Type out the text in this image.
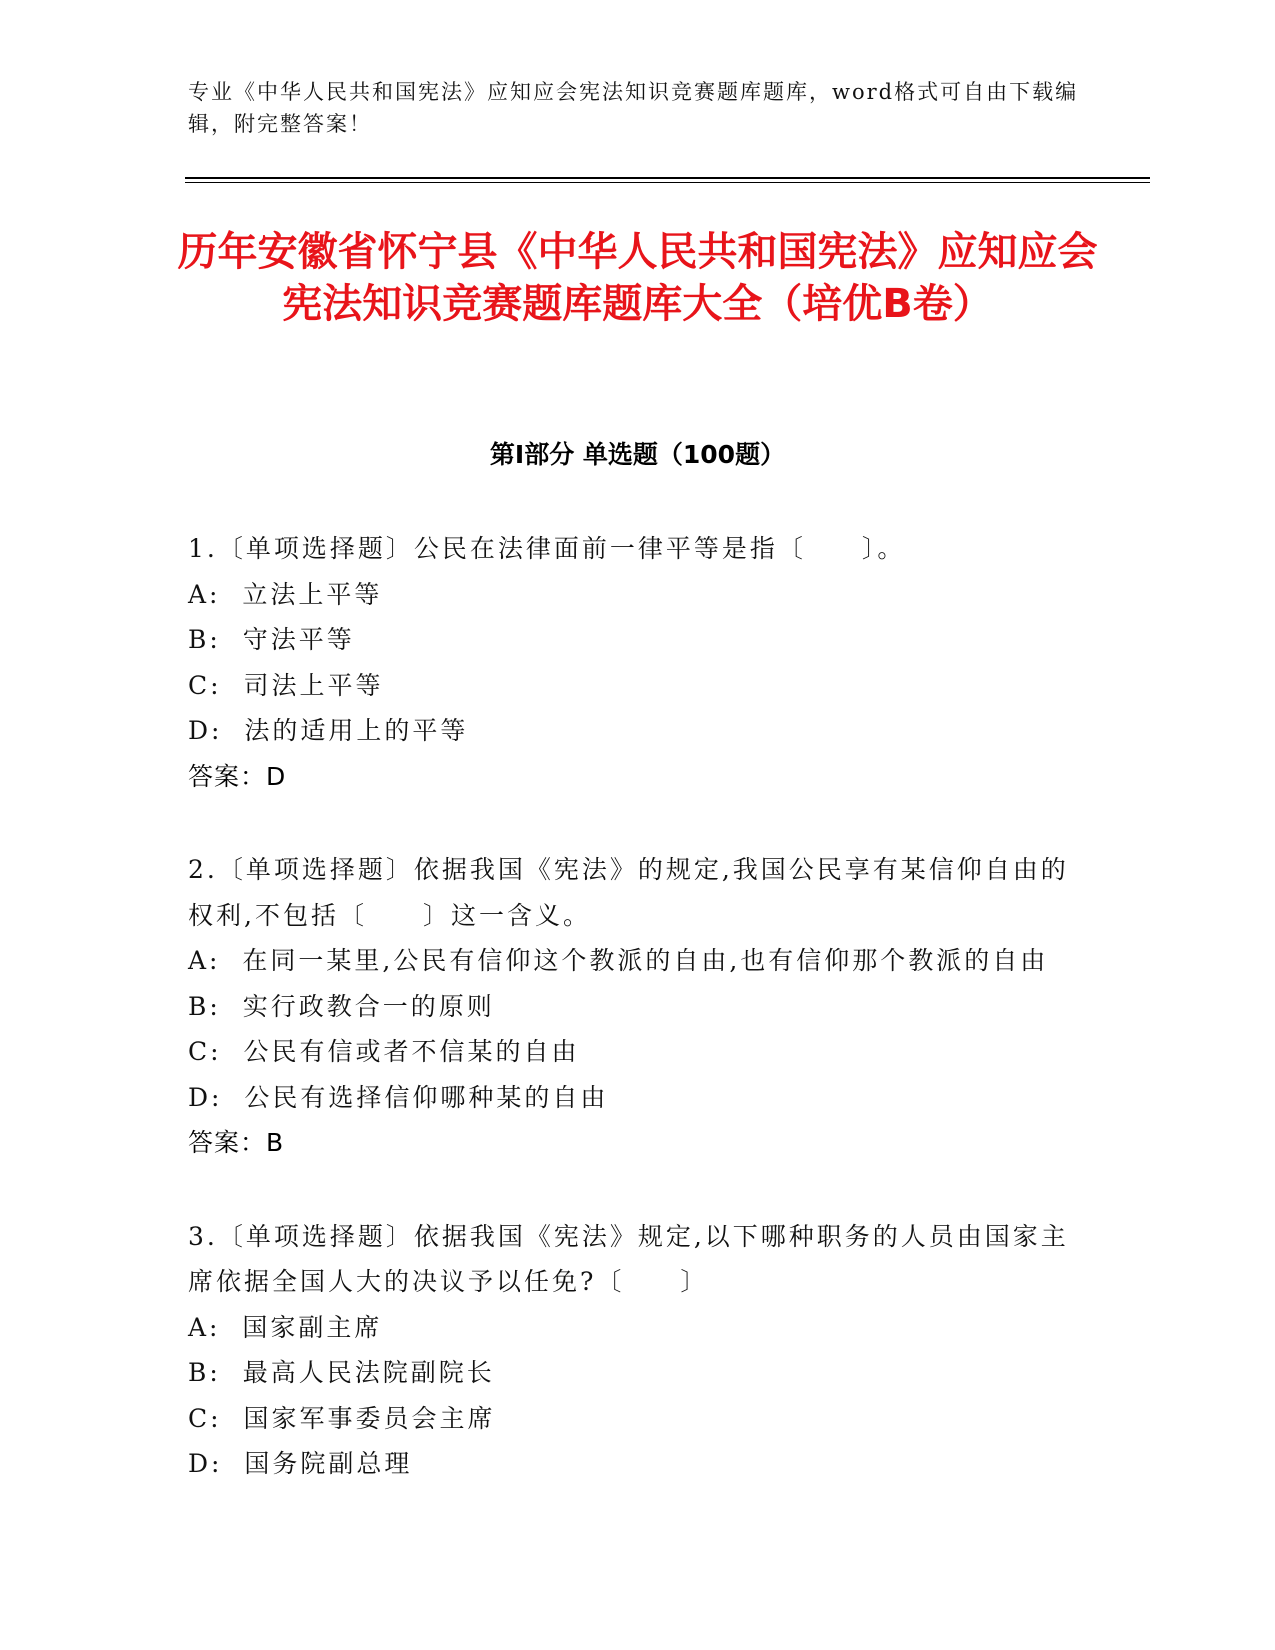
专业《中华人民共和国宪法》应知应会宪法知识竞赛题库题库，word格式可自由下载编辑，附完整答案！
历年安徽省怀宁县《中华人民共和国宪法》应知应会宪法知识竞赛题库题库大全（培优B卷）
第Ⅰ部分 单选题（100题）
1.〔单项选择题〕公民在法律面前一律平等是指〔　　〕。
A:  立法上平等
B:  守法平等
C:  司法上平等
D:  法的适用上的平等
答案：D
2.〔单项选择题〕依据我国《宪法》的规定,我国公民享有某信仰自由的权利,不包括〔　　〕这一含义。
A:  在同一某里,公民有信仰这个教派的自由,也有信仰那个教派的自由
B:  实行政教合一的原则
C:  公民有信或者不信某的自由
D:  公民有选择信仰哪种某的自由
答案：B
3.〔单项选择题〕依据我国《宪法》规定,以下哪种职务的人员由国家主席依据全国人大的决议予以任免?〔　　〕
A:  国家副主席
B:  最高人民法院副院长
C:  国家军事委员会主席
D:  国务院副总理
